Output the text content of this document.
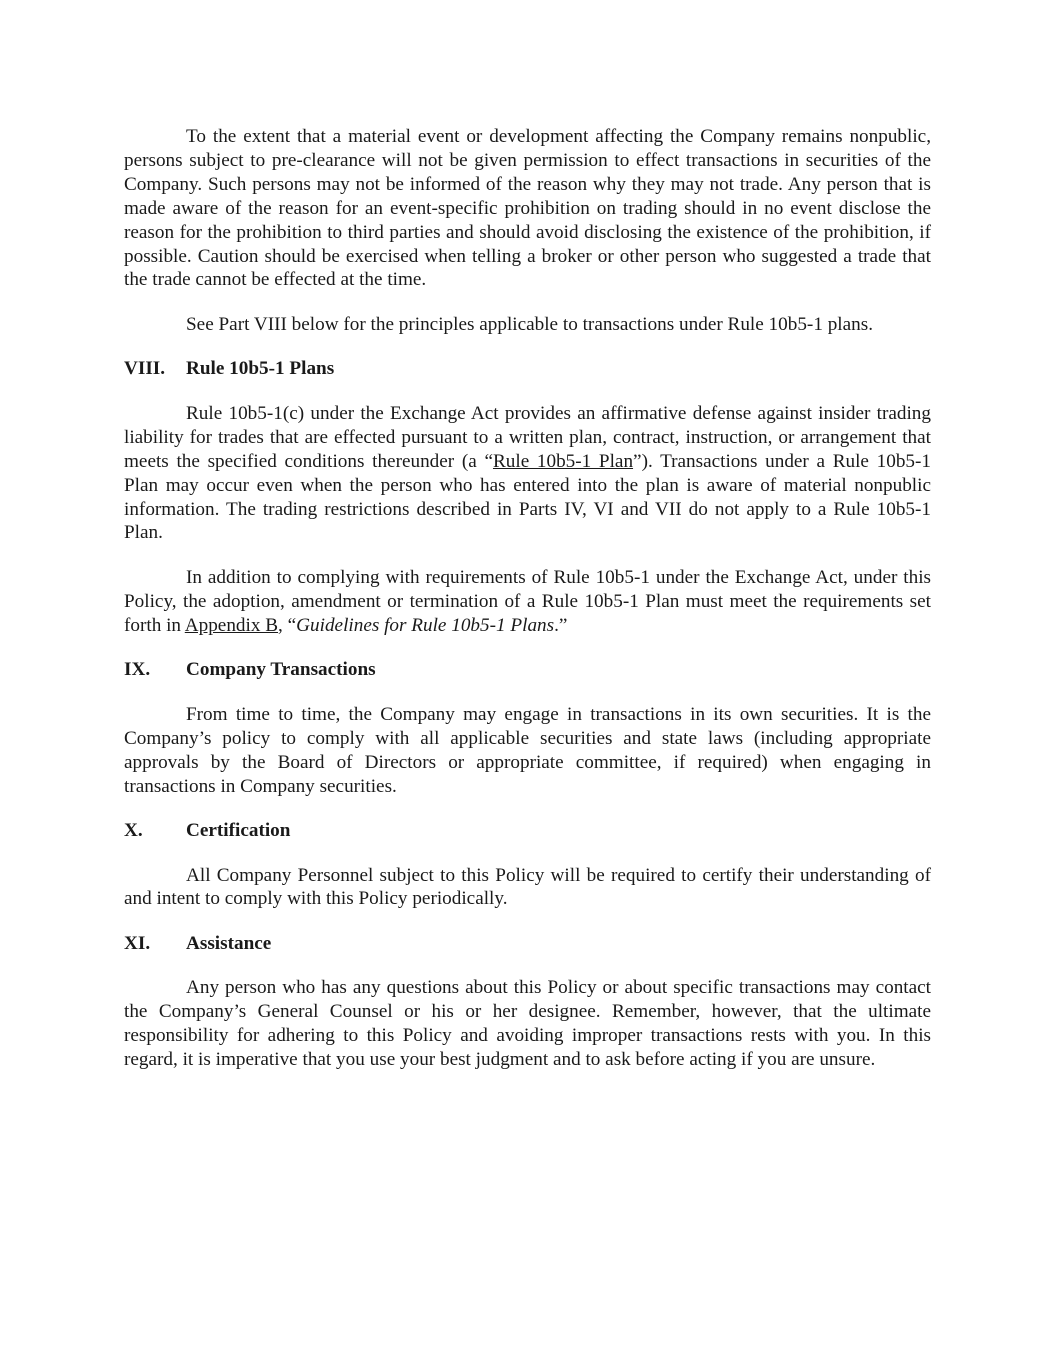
To the extent that a material event or development affecting the Company remains nonpublic, persons subject to pre-clearance will not be given permission to effect transactions in securities of the Company. Such persons may not be informed of the reason why they may not trade. Any person that is made aware of the reason for an event-specific prohibition on trading should in no event disclose the reason for the prohibition to third parties and should avoid disclosing the existence of the prohibition, if possible. Caution should be exercised when telling a broker or other person who suggested a trade that the trade cannot be effected at the time.

See Part VIII below for the principles applicable to transactions under Rule 10b5-1 plans.

VIII.	Rule 10b5-1 Plans

Rule 10b5-1(c) under the Exchange Act provides an affirmative defense against insider trading liability for trades that are effected pursuant to a written plan, contract, instruction, or arrangement that meets the specified conditions thereunder (a “Rule 10b5-1 Plan”). Transactions under a Rule 10b5-1 Plan may occur even when the person who has entered into the plan is aware of material nonpublic information. The trading restrictions described in Parts IV, VI and VII do not apply to a Rule 10b5-1 Plan.

In addition to complying with requirements of Rule 10b5-1 under the Exchange Act, under this Policy, the adoption, amendment or termination of a Rule 10b5-1 Plan must meet the requirements set forth in Appendix B, “Guidelines for Rule 10b5-1 Plans.”

IX.	Company Transactions

From time to time, the Company may engage in transactions in its own securities. It is the Company’s policy to comply with all applicable securities and state laws (including appropriate approvals by the Board of Directors or appropriate committee, if required) when engaging in transactions in Company securities.

X.	Certification

All Company Personnel subject to this Policy will be required to certify their understanding of and intent to comply with this Policy periodically.

XI.	Assistance

Any person who has any questions about this Policy or about specific transactions may contact the Company’s General Counsel or his or her designee. Remember, however, that the ultimate responsibility for adhering to this Policy and avoiding improper transactions rests with you. In this regard, it is imperative that you use your best judgment and to ask before acting if you are unsure.
